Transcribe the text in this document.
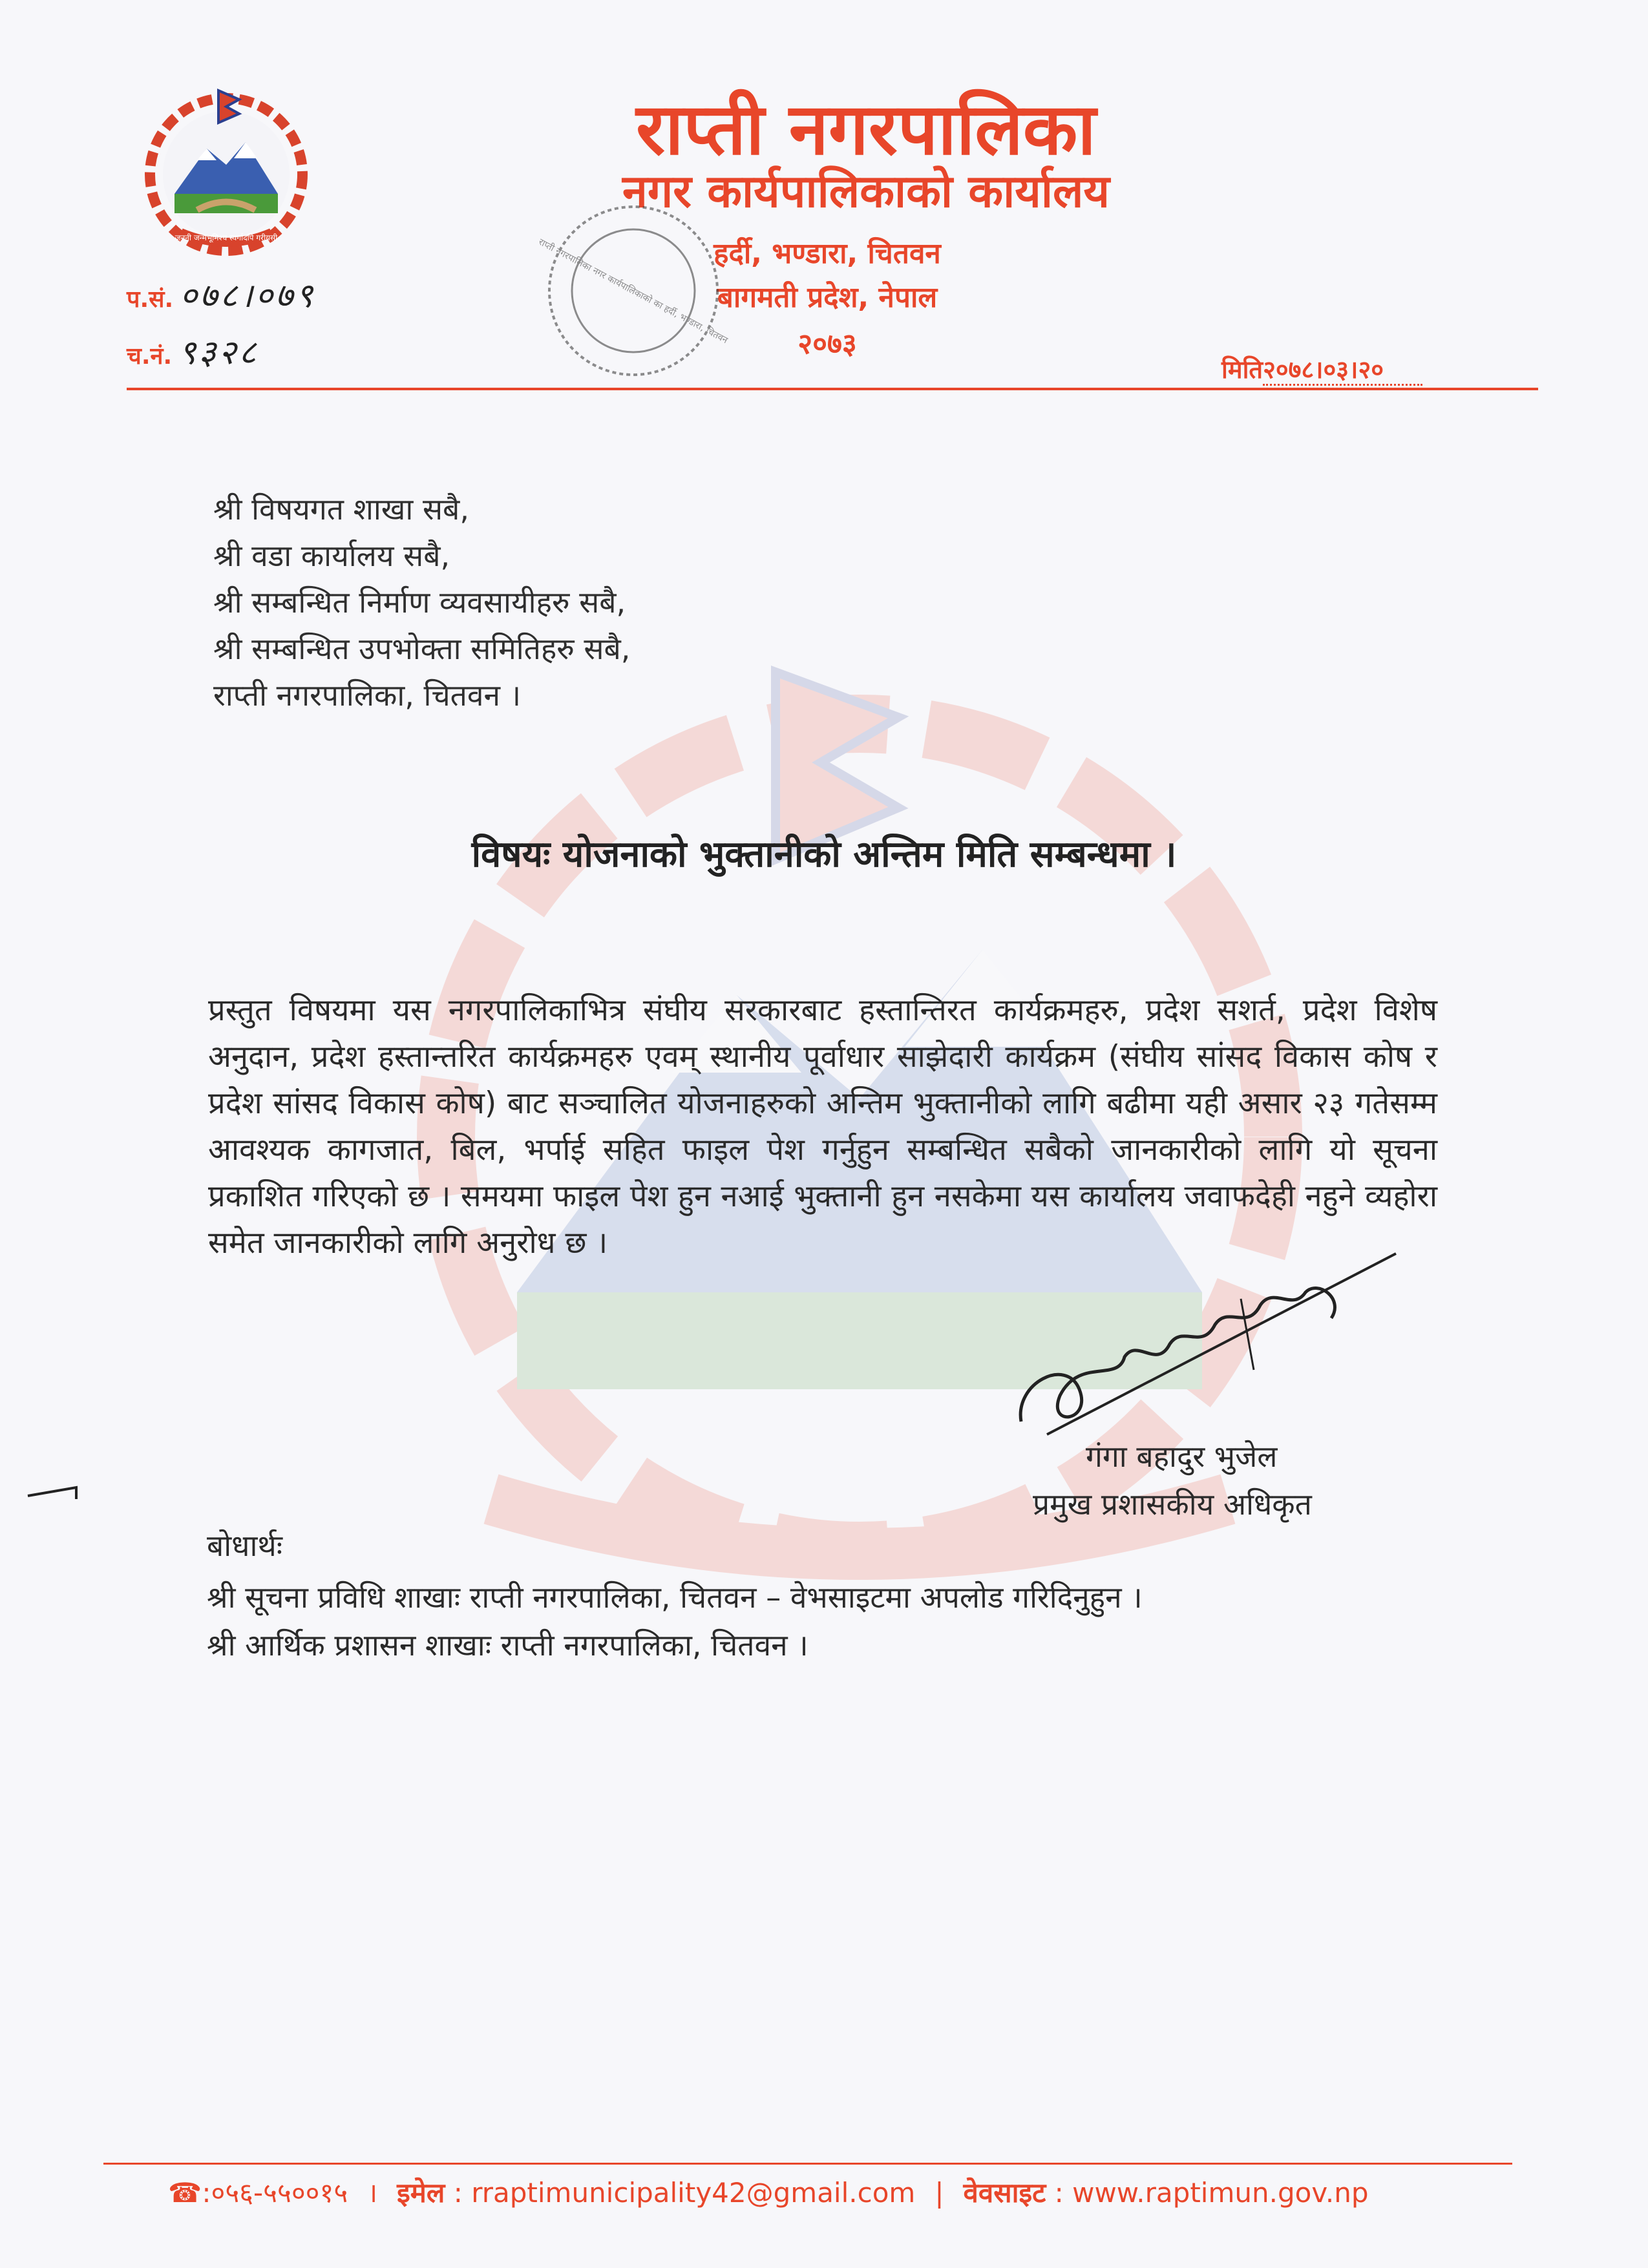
जननी जन्मभूमिश्च स्वर्गादपि गरीयसी
राप्ती नगरपालिका
नगर कार्यपालिकाको कार्यालय
हर्दी, भण्डारा, चितवन
बागमती प्रदेश, नेपाल
२०७३
राप्ती नगरपालिका नगर कार्यपालिकाको का हर्दी, भण्डारा, चितवन
प.सं. ०७८।०७९
च.नं. ९३२८	मिति२०७८।०३।२०
श्री विषयगत शाखा सबै,
श्री वडा कार्यालय सबै,
श्री सम्बन्धित निर्माण व्यवसायीहरु सबै,
श्री सम्बन्धित उपभोक्ता समितिहरु सबै,
राप्ती नगरपालिका, चितवन ।
विषयः योजनाको भुक्तानीको अन्तिम मिति सम्बन्धमा ।
प्रस्तुत विषयमा यस नगरपालिकाभित्र संघीय सरकारबाट हस्तान्तिरत कार्यक्रमहरु, प्रदेश सशर्त, प्रदेश विशेष अनुदान, प्रदेश हस्तान्तरित कार्यक्रमहरु एवम् स्थानीय पूर्वाधार साझेदारी कार्यक्रम (संघीय सांसद विकास कोष र प्रदेश सांसद विकास कोष) बाट सञ्चालित योजनाहरुको अन्तिम भुक्तानीको लागि बढीमा यही असार २३ गतेसम्म आवश्यक कागजात, बिल, भर्पाई सहित फाइल पेश गर्नुहुन सम्बन्धित सबैको जानकारीको लागि यो सूचना प्रकाशित गरिएको छ । समयमा फाइल पेश हुन नआई भुक्तानी हुन नसकेमा यस कार्यालय जवाफदेही नहुने व्यहोरा समेत जानकारीको लागि अनुरोध छ ।
गंगा बहादुर भुजेल
प्रमुख प्रशासकीय अधिकृत
बोधार्थः
श्री सूचना प्रविधि शाखाः राप्ती नगरपालिका, चितवन – वेभसाइटमा अपलोड गरिदिनुहुन ।
श्री आर्थिक प्रशासन शाखाः राप्ती नगरपालिका, चितवन ।
☎:०५६-५५००१५ । इमेल : rraptimunicipality42@gmail.com | वेवसाइट : www.raptimun.gov.np
